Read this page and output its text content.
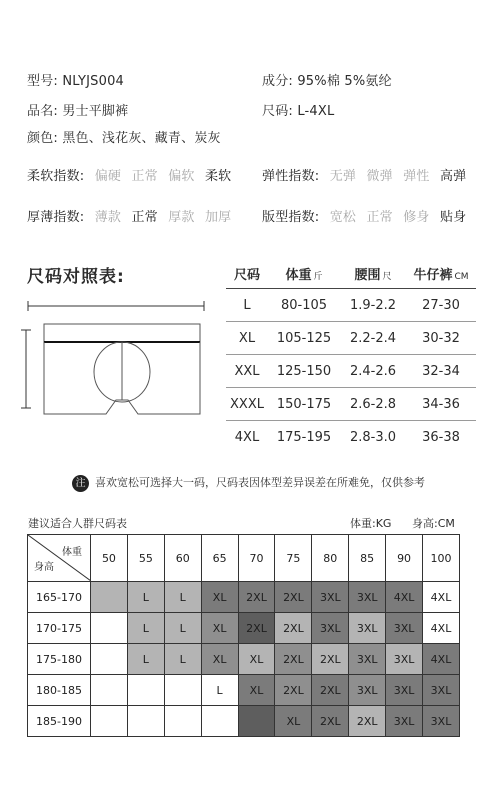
型号: NLYJS004	成分: 95%棉 5%氨纶
品名: 男士平脚裤	尺码: L-4XL
颜色: 黑色、浅花灰、藏青、炭灰
柔软指数: 偏硬 正常 偏软 柔软	弹性指数: 无弹 微弹 弹性 高弹
厚薄指数: 薄款 正常 厚款 加厚	版型指数: 宽松 正常 修身 贴身
尺码对照表:	尺码	体重 斤	腰围 尺	牛仔裤 CM
L	80-105	1.9-2.2	27-30
XL	105-125	2.2-2.4	30-32
XXL	125-150	2.4-2.6	32-34
XXXL	150-175	2.6-2.8	34-36
4XL	175-195	2.8-3.0	36-38
注 喜欢宽松可选择大一码，尺码表因体型差异误差在所难免，仅供参考
建议适合人群尺码表	体重:KG 身高:CM
体重
身高	50	55	60	65	70	75	80	85	90	100
165-170		L	L	XL	2XL	2XL	3XL	3XL	4XL	4XL
170-175		L	L	XL	2XL	2XL	3XL	3XL	3XL	4XL
175-180		L	L	XL	XL	2XL	2XL	3XL	3XL	4XL
180-185				L	XL	2XL	2XL	3XL	3XL	3XL
185-190						XL	2XL	2XL	3XL	3XL
